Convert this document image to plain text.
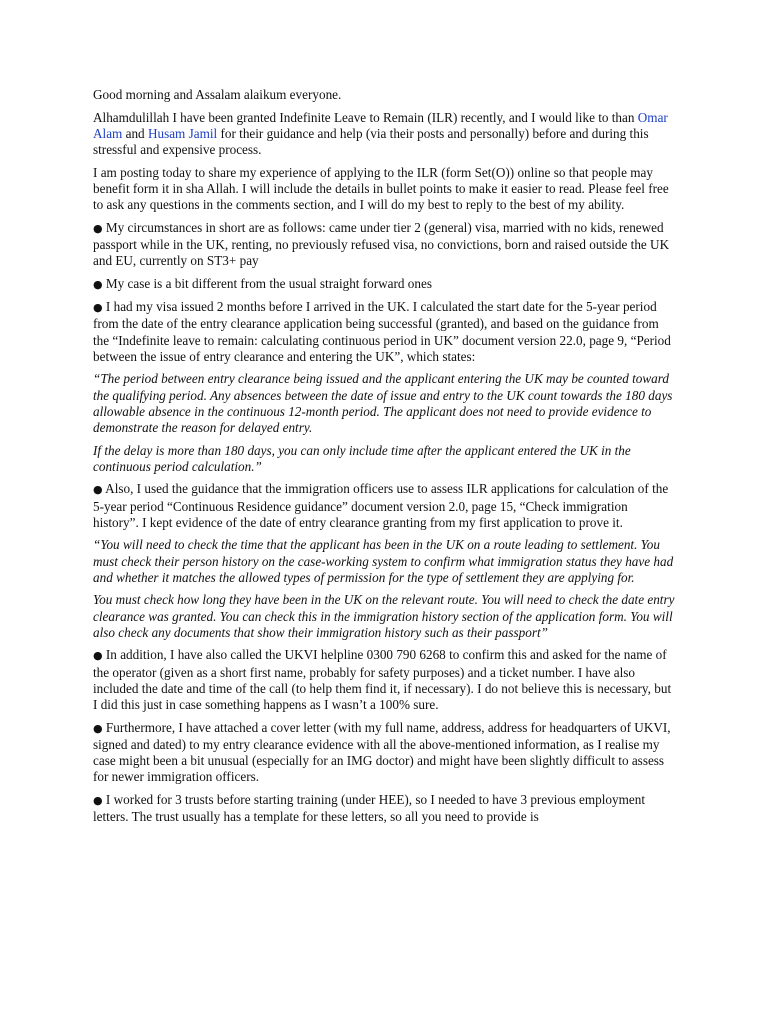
Good morning and Assalam alaikum everyone.
Alhamdulillah I have been granted Indefinite Leave to Remain (ILR) recently, and I would like to than Omar Alam and Husam Jamil for their guidance and help (via their posts and personally) before and during this stressful and expensive process.
I am posting today to share my experience of applying to the ILR (form Set(O)) online so that people may benefit form it in sha Allah. I will include the details in bullet points to make it easier to read. Please feel free to ask any questions in the comments section, and I will do my best to reply to the best of my ability.
● My circumstances in short are as follows: came under tier 2 (general) visa, married with no kids, renewed passport while in the UK, renting, no previously refused visa, no convictions, born and raised outside the UK and EU, currently on ST3+ pay
● My case is a bit different from the usual straight forward ones
● I had my visa issued 2 months before I arrived in the UK. I calculated the start date for the 5-year period from the date of the entry clearance application being successful (granted), and based on the guidance from the “Indefinite leave to remain: calculating continuous period in UK” document version 22.0, page 9, “Period between the issue of entry clearance and entering the UK”, which states:
“The period between entry clearance being issued and the applicant entering the UK may be counted toward the qualifying period. Any absences between the date of issue and entry to the UK count towards the 180 days allowable absence in the continuous 12-month period. The applicant does not need to provide evidence to demonstrate the reason for delayed entry.
If the delay is more than 180 days, you can only include time after the applicant entered the UK in the continuous period calculation.”
● Also, I used the guidance that the immigration officers use to assess ILR applications for calculation of the 5-year period “Continuous Residence guidance” document version 2.0, page 15, “Check immigration history”. I kept evidence of the date of entry clearance granting from my first application to prove it.
“You will need to check the time that the applicant has been in the UK on a route leading to settlement. You must check their person history on the case-working system to confirm what immigration status they have had and whether it matches the allowed types of permission for the type of settlement they are applying for.
You must check how long they have been in the UK on the relevant route. You will need to check the date entry clearance was granted. You can check this in the immigration history section of the application form. You will also check any documents that show their immigration history such as their passport”
● In addition, I have also called the UKVI helpline 0300 790 6268 to confirm this and asked for the name of the operator (given as a short first name, probably for safety purposes) and a ticket number. I have also included the date and time of the call (to help them find it, if necessary). I do not believe this is necessary, but I did this just in case something happens as I wasn’t a 100% sure.
● Furthermore, I have attached a cover letter (with my full name, address, address for headquarters of UKVI, signed and dated) to my entry clearance evidence with all the above-mentioned information, as I realise my case might been a bit unusual (especially for an IMG doctor) and might have been slightly difficult to assess for newer immigration officers.
● I worked for 3 trusts before starting training (under HEE), so I needed to have 3 previous employment letters. The trust usually has a template for these letters, so all you need to provide is
